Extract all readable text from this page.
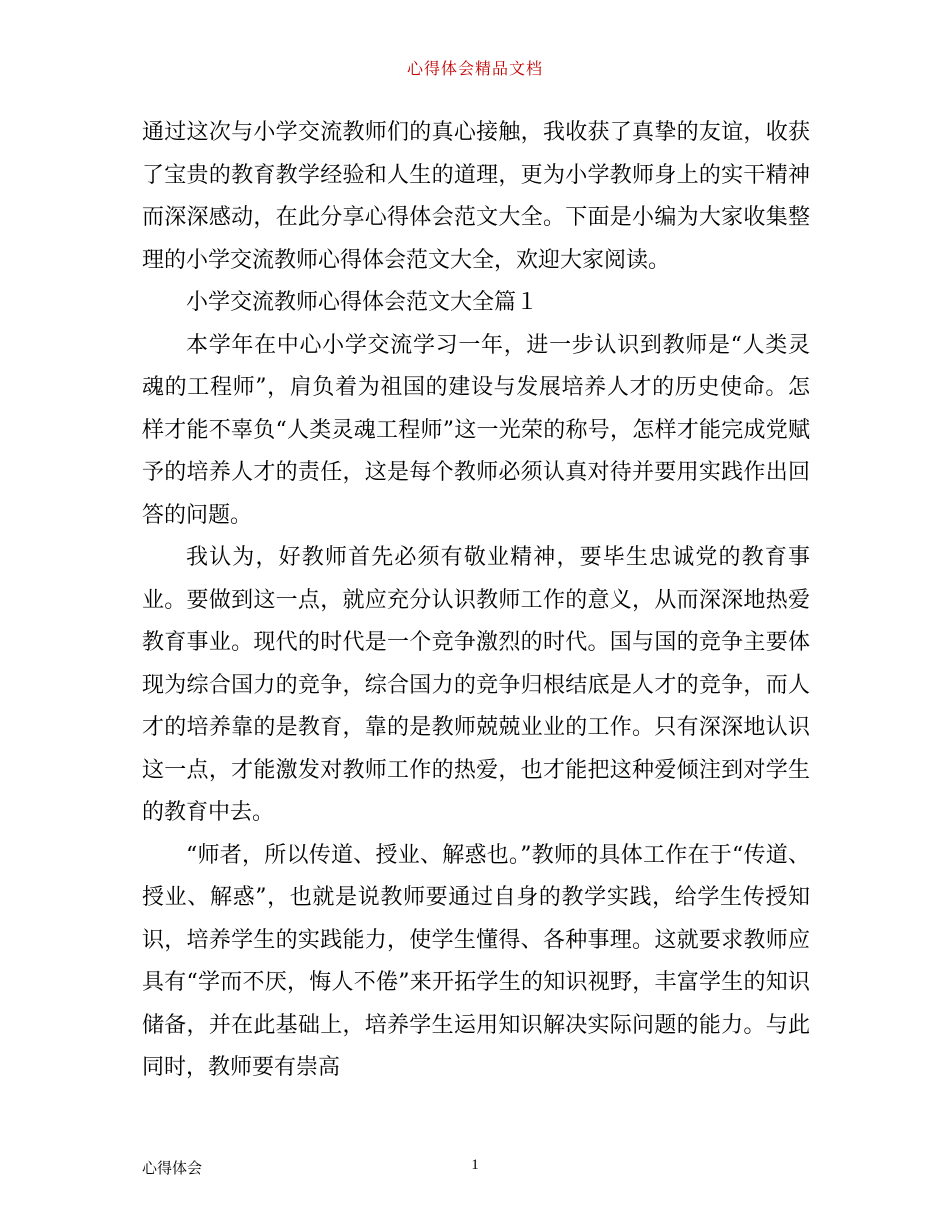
心得体会精品文档

通过这次与小学交流教师们的真心接触，我收获了真挚的友谊，收获了宝贵的教育教学经验和人生的道理，更为小学教师身上的实干精神而深深感动，在此分享心得体会范文大全。下面是小编为大家收集整理的小学交流教师心得体会范文大全，欢迎大家阅读。

小学交流教师心得体会范文大全篇１

本学年在中心小学交流学习一年，进一步认识到教师是“人类灵魂的工程师”，肩负着为祖国的建设与发展培养人才的历史使命。怎样才能不辜负“人类灵魂工程师”这一光荣的称号，怎样才能完成党赋予的培养人才的责任，这是每个教师必须认真对待并要用实践作出回答的问题。

我认为，好教师首先必须有敬业精神，要毕生忠诚党的教育事业。要做到这一点，就应充分认识教师工作的意义，从而深深地热爱教育事业。现代的时代是一个竞争激烈的时代。国与国的竞争主要体现为综合国力的竞争，综合国力的竞争归根结底是人才的竞争，而人才的培养靠的是教育，靠的是教师兢兢业业的工作。只有深深地认识这一点，才能激发对教师工作的热爱，也才能把这种爱倾注到对学生的教育中去。

“师者，所以传道、授业、解惑也。”教师的具体工作在于“传道、授业、解惑”，也就是说教师要通过自身的教学实践，给学生传授知识，培养学生的实践能力，使学生懂得、各种事理。这就要求教师应具有“学而不厌，悔人不倦”来开拓学生的知识视野，丰富学生的知识储备，并在此基础上，培养学生运用知识解决实际问题的能力。与此同时，教师要有崇高

心得体会	1
